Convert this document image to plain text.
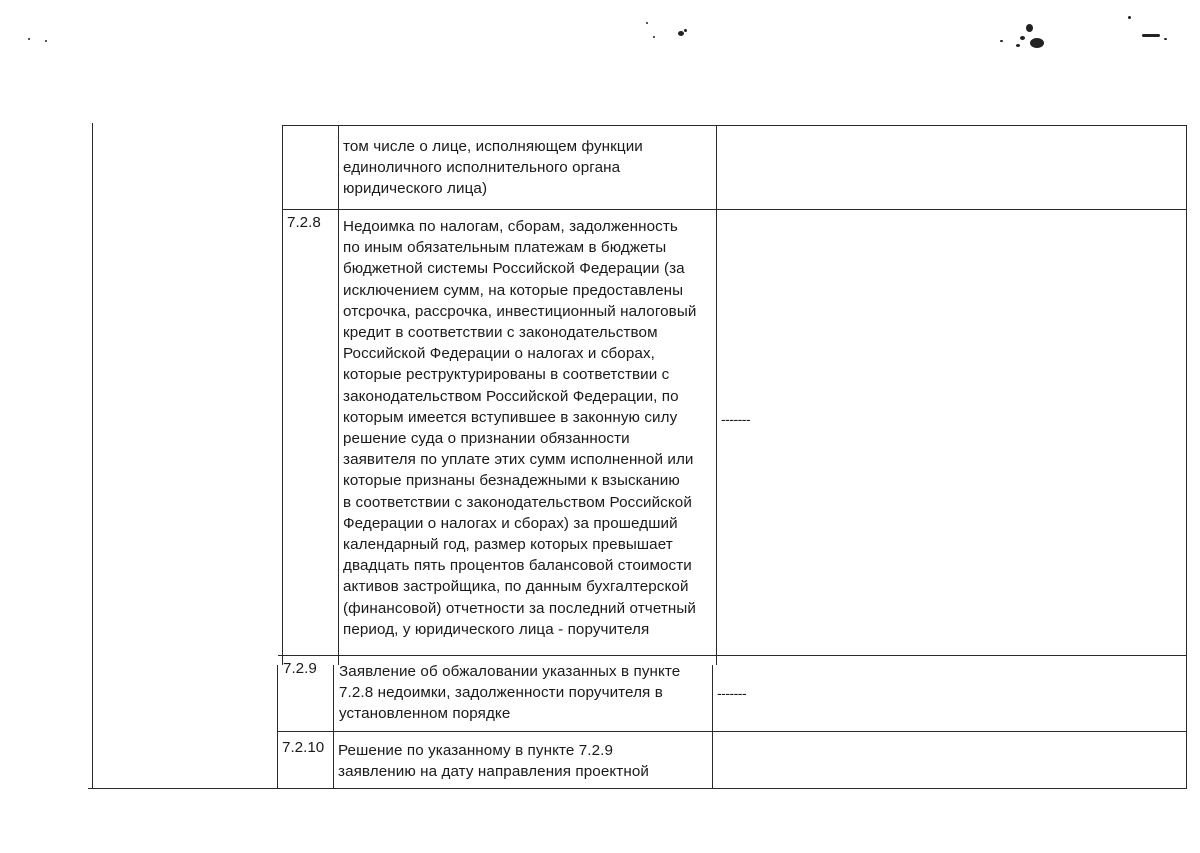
том числе о лице, исполняющем функции
единоличного исполнительного органа
юридического лица)
7.2.8 Недоимка по налогам, сборам, задолженность
по иным обязательным платежам в бюджеты
бюджетной системы Российской Федерации (за
исключением сумм, на которые предоставлены
отсрочка, рассрочка, инвестиционный налоговый
кредит в соответствии с законодательством
Российской Федерации о налогах и сборах,
которые реструктурированы в соответствии с
законодательством Российской Федерации, по
которым имеется вступившее в законную силу
решение суда о признании обязанности
заявителя по уплате этих сумм исполненной или
которые признаны безнадежными к взысканию
в соответствии с законодательством Российской
Федерации о налогах и сборах) за прошедший
календарный год, размер которых превышает
двадцать пять процентов балансовой стоимости
активов застройщика, по данным бухгалтерской
(финансовой) отчетности за последний отчетный
период, у юридического лица - поручителя
-------
7.2.9 Заявление об обжаловании указанных в пункте
7.2.8 недоимки, задолженности поручителя в
установленном порядке
-------
7.2.10 Решение по указанному в пункте 7.2.9
заявлению на дату направления проектной
